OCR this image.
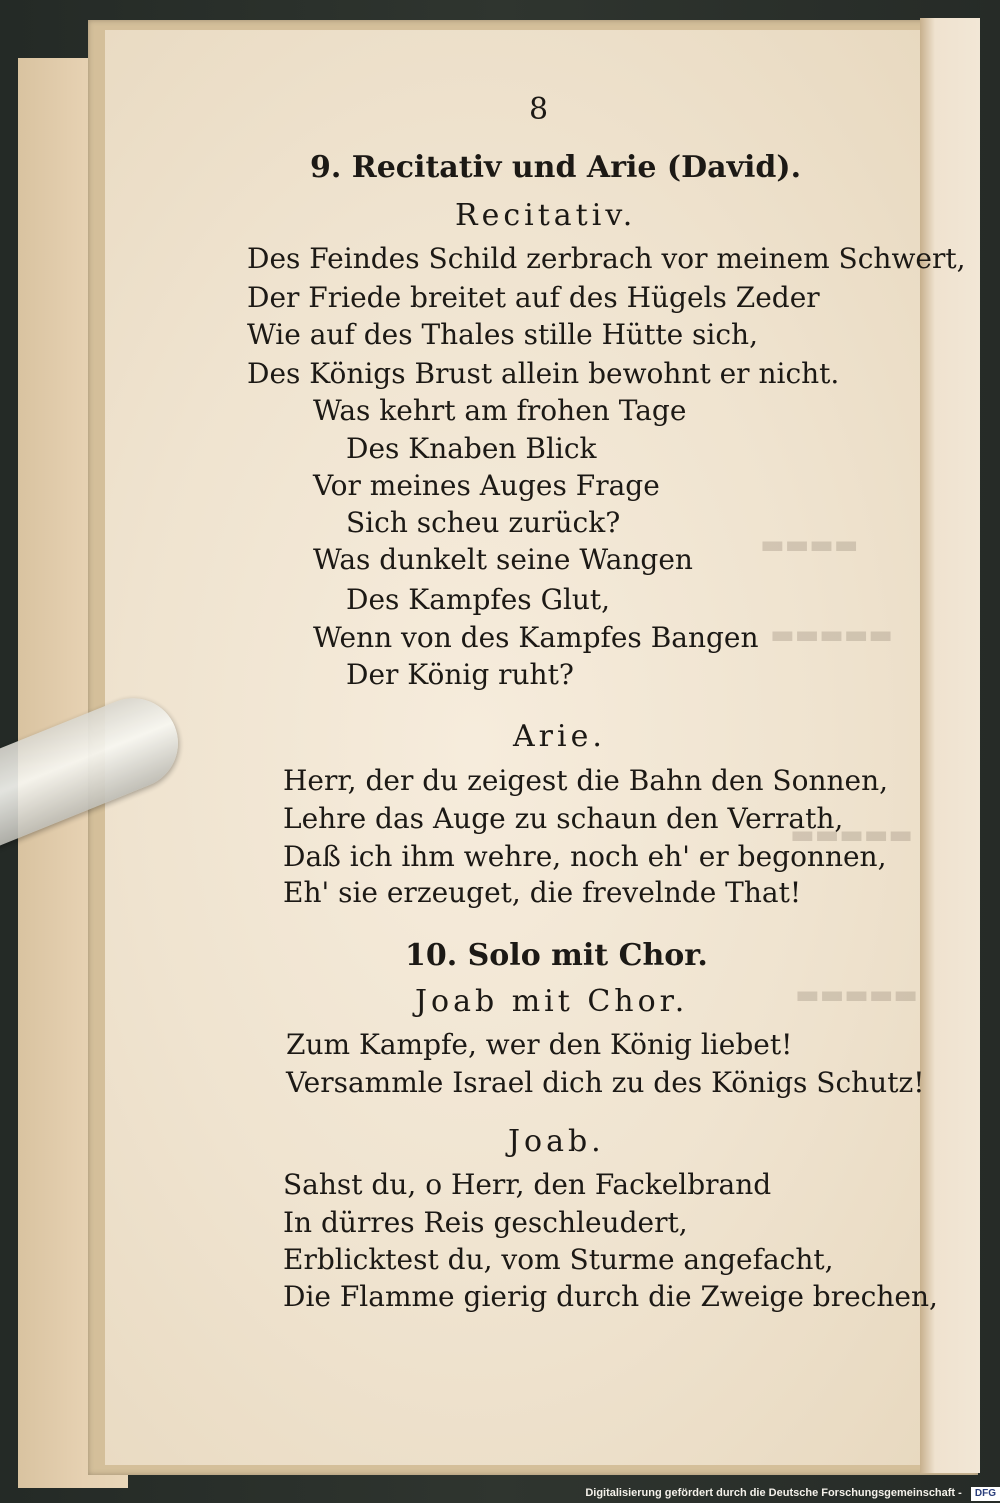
▬▬▬▬
▬▬▬▬▬
▬▬▬▬▬
▬▬▬▬▬
8
9. Recitativ und Arie (David).
Recitativ.
Des Feindes Schild zerbrach vor meinem Schwert,
Der Friede breitet auf des Hügels Zeder
Wie auf des Thales stille Hütte sich,
Des Königs Brust allein bewohnt er nicht.
Was kehrt am frohen Tage
Des Knaben Blick
Vor meines Auges Frage
Sich scheu zurück?
Was dunkelt seine Wangen
Des Kampfes Glut,
Wenn von des Kampfes Bangen
Der König ruht?
Arie.
Herr, der du zeigest die Bahn den Sonnen,
Lehre das Auge zu schaun den Verrath,
Daß ich ihm wehre, noch eh' er begonnen,
Eh' sie erzeuget, die frevelnde That!
10. Solo mit Chor.
Joab mit Chor.
Zum Kampfe, wer den König liebet!
Versammle Israel dich zu des Königs Schutz!
Joab.
Sahst du, o Herr, den Fackelbrand
In dürres Reis geschleudert,
Erblicktest du, vom Sturme angefacht,
Die Flamme gierig durch die Zweige brechen,
Digitalisierung gefördert durch die Deutsche Forschungsgemeinschaft - DFG
